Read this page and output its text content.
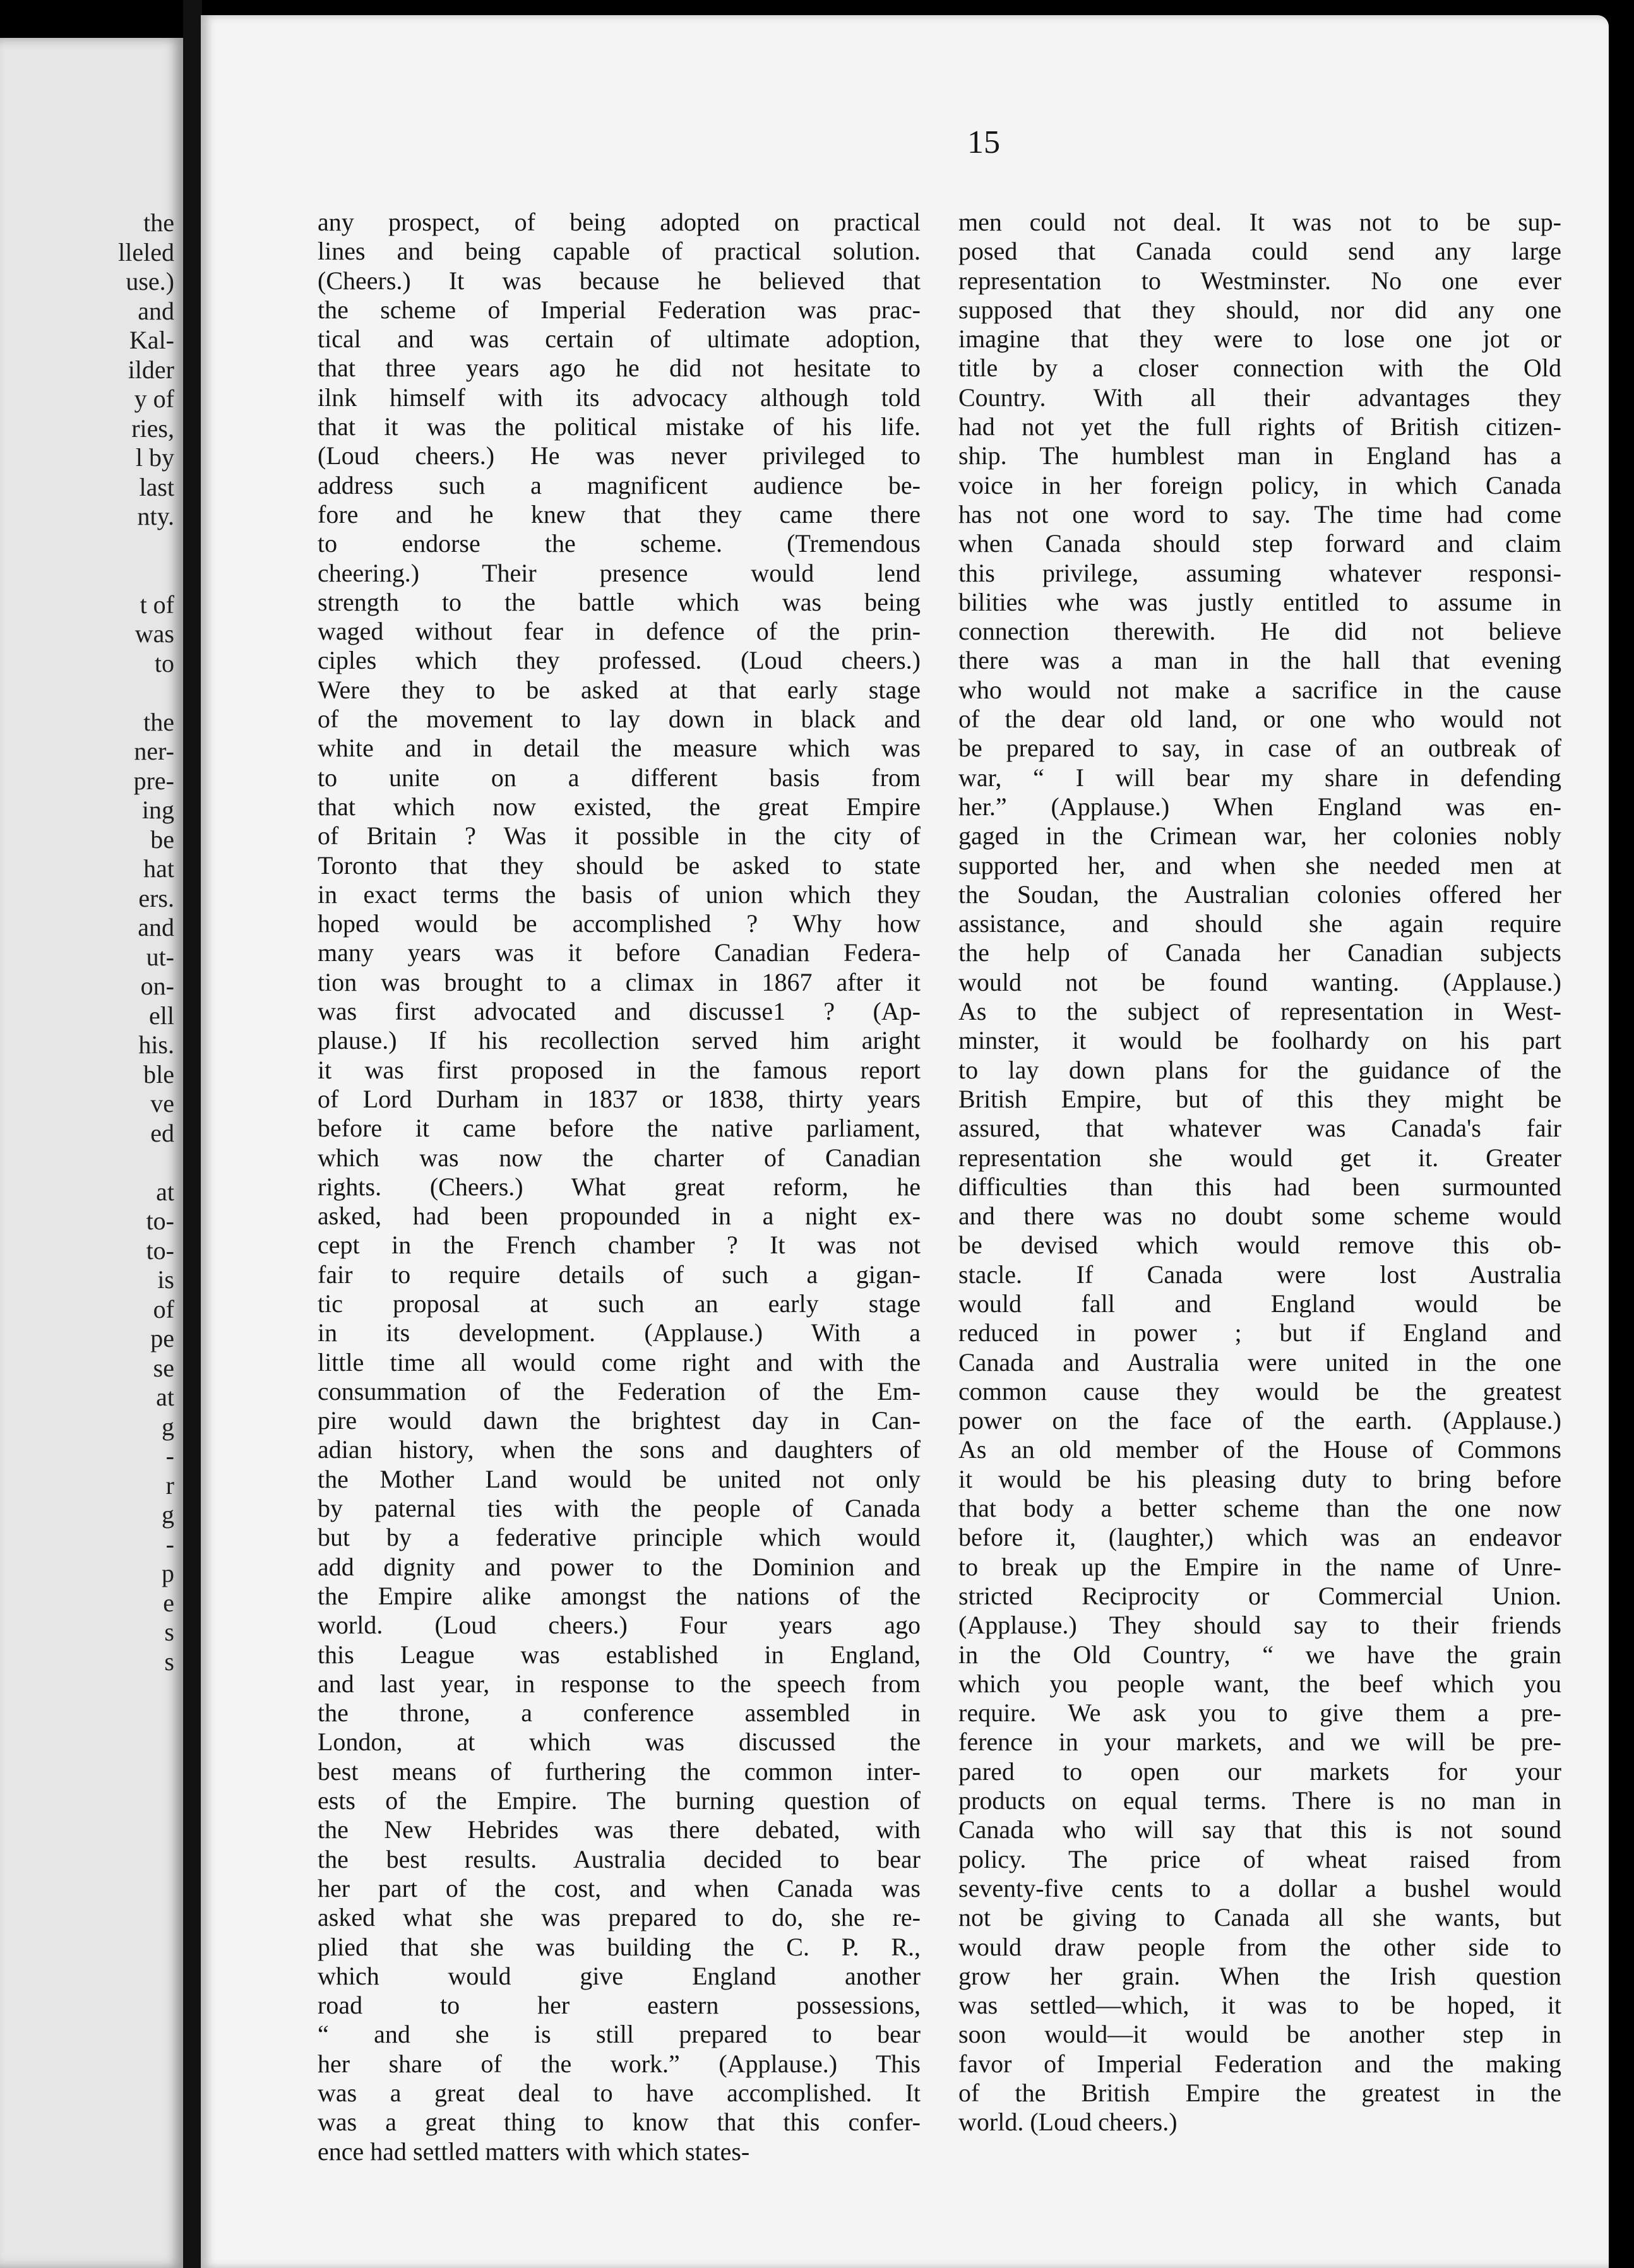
the
lleled
use.)
and
Kal-
ilder
y of
ries,
l by
last
nty.

t of
was
to

the
ner-
pre-
ing
be
hat
ers.
and
ut-
on-
ell
his.
ble
ve
ed

at
to-
to-
is
of
pe
se
at
g
-
r
g
-
p
e
s
s
15
any prospect, of being adopted on practical
lines and being capable of practical solution.
(Cheers.) It was because he believed that
the scheme of Imperial Federation was prac-
tical and was certain of ultimate adoption,
that three years ago he did not hesitate to
ilnk himself with its advocacy although told
that it was the political mistake of his life.
(Loud cheers.) He was never privileged to
address such a magnificent audience be-
fore and he knew that they came there
to endorse the scheme. (Tremendous
cheering.) Their presence would lend
strength to the battle which was being
waged without fear in defence of the prin-
ciples which they professed. (Loud cheers.)
Were they to be asked at that early stage
of the movement to lay down in black and
white and in detail the measure which was
to unite on a different basis from
that which now existed, the great Empire
of Britain ? Was it possible in the city of
Toronto that they should be asked to state
in exact terms the basis of union which they
hoped would be accomplished ? Why how
many years was it before Canadian Federa-
tion was brought to a climax in 1867 after it
was first advocated and discusse1 ? (Ap-
plause.) If his recollection served him aright
it was first proposed in the famous report
of Lord Durham in 1837 or 1838, thirty years
before it came before the native parliament,
which was now the charter of Canadian
rights. (Cheers.) What great reform, he
asked, had been propounded in a night ex-
cept in the French chamber ? It was not
fair to require details of such a gigan-
tic proposal at such an early stage
in its development. (Applause.) With a
little time all would come right and with the
consummation of the Federation of the Em-
pire would dawn the brightest day in Can-
adian history, when the sons and daughters of
the Mother Land would be united not only
by paternal ties with the people of Canada
but by a federative principle which would
add dignity and power to the Dominion and
the Empire alike amongst the nations of the
world. (Loud cheers.) Four years ago
this League was established in England,
and last year, in response to the speech from
the throne, a conference assembled in
London, at which was discussed the
best means of furthering the common inter-
ests of the Empire. The burning question of
the New Hebrides was there debated, with
the best results. Australia decided to bear
her part of the cost, and when Canada was
asked what she was prepared to do, she re-
plied that she was building the C. P. R.,
which would give England another
road to her eastern possessions,
“ and she is still prepared to bear
her share of the work.” (Applause.) This
was a great deal to have accomplished. It
was a great thing to know that this confer-
ence had settled matters with which states-
men could not deal. It was not to be sup-
posed that Canada could send any large
representation to Westminster. No one ever
supposed that they should, nor did any one
imagine that they were to lose one jot or
title by a closer connection with the Old
Country. With all their advantages they
had not yet the full rights of British citizen-
ship. The humblest man in England has a
voice in her foreign policy, in which Canada
has not one word to say. The time had come
when Canada should step forward and claim
this privilege, assuming whatever responsi-
bilities whe was justly entitled to assume in
connection therewith. He did not believe
there was a man in the hall that evening
who would not make a sacrifice in the cause
of the dear old land, or one who would not
be prepared to say, in case of an outbreak of
war, “ I will bear my share in defending
her.” (Applause.) When England was en-
gaged in the Crimean war, her colonies nobly
supported her, and when she needed men at
the Soudan, the Australian colonies offered her
assistance, and should she again require
the help of Canada her Canadian subjects
would not be found wanting. (Applause.)
As to the subject of representation in West-
minster, it would be foolhardy on his part
to lay down plans for the guidance of the
British Empire, but of this they might be
assured, that whatever was Canada's fair
representation she would get it. Greater
difficulties than this had been surmounted
and there was no doubt some scheme would
be devised which would remove this ob-
stacle. If Canada were lost Australia
would fall and England would be
reduced in power ; but if England and
Canada and Australia were united in the one
common cause they would be the greatest
power on the face of the earth. (Applause.)
As an old member of the House of Commons
it would be his pleasing duty to bring before
that body a better scheme than the one now
before it, (laughter,) which was an endeavor
to break up the Empire in the name of Unre-
stricted Reciprocity or Commercial Union.
(Applause.) They should say to their friends
in the Old Country, “ we have the grain
which you people want, the beef which you
require. We ask you to give them a pre-
ference in your markets, and we will be pre-
pared to open our markets for your
products on equal terms. There is no man in
Canada who will say that this is not sound
policy. The price of wheat raised from
seventy-five cents to a dollar a bushel would
not be giving to Canada all she wants, but
would draw people from the other side to
grow her grain. When the Irish question
was settled—which, it was to be hoped, it
soon would—it would be another step in
favor of Imperial Federation and the making
of the British Empire the greatest in the
world. (Loud cheers.)
